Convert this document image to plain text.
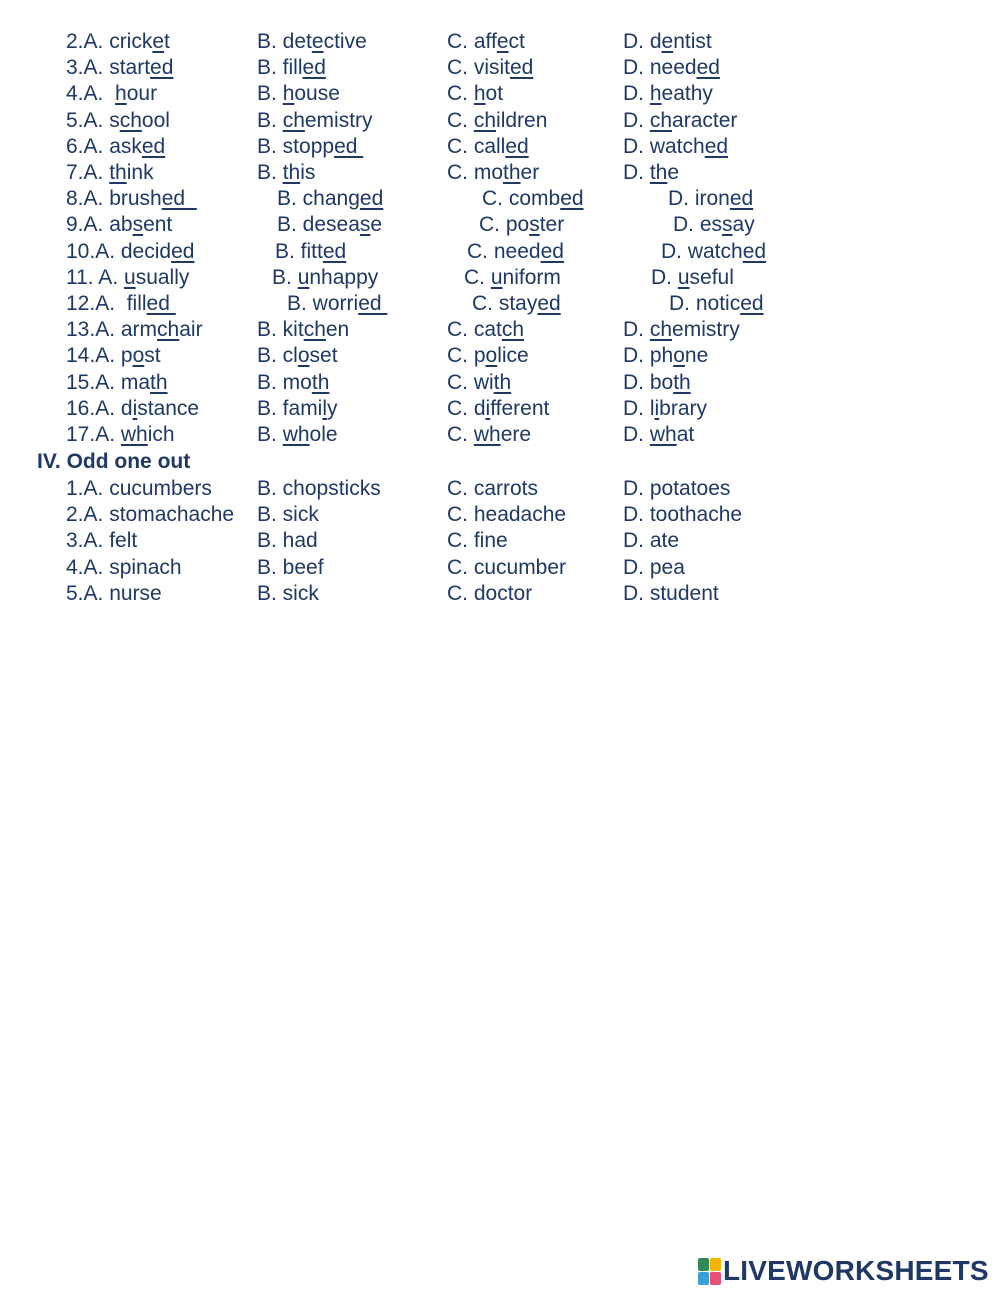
2.A. cricket	B. detective	C. affect	D. dentist
3.A. started	B. filled	C. visited	D. needed
4.A.  hour	B. house	C. hot	D. heathy
5.A. school	B. chemistry	C. children	D. character
6.A. asked	B. stopped	C. called	D. watched
7.A. think	B. this	C. mother	D. the
8.A. brushed	B. changed	C. combed	D. ironed
9.A. absent	B. desease	C. poster	D. essay
10.A. decided	B. fitted	C. needed	D. watched
11. A. usually	B. unhappy	C. uniform	D. useful
12.A.  filled	B. worried	C. stayed	D. noticed
13.A. armchair	B. kitchen	C. catch	D. chemistry
14.A. post	B. closet	C. police	D. phone
15.A. math	B. moth	C. with	D. both
16.A. distance	B. family	C. different	D. library
17.A. which	B. whole	C. where	D. what
IV. Odd one out
1.A. cucumbers B. chopsticks	C. carrots	D. potatoes
2.A. stomachache B. sick	C. headache	D. toothache
3.A. felt	B. had	C. fine	D. ate
4.A. spinach	B. beef	C. cucumber	D. pea
5.A. nurse	B. sick	C. doctor	D. student
LIVEWORKSHEETS
